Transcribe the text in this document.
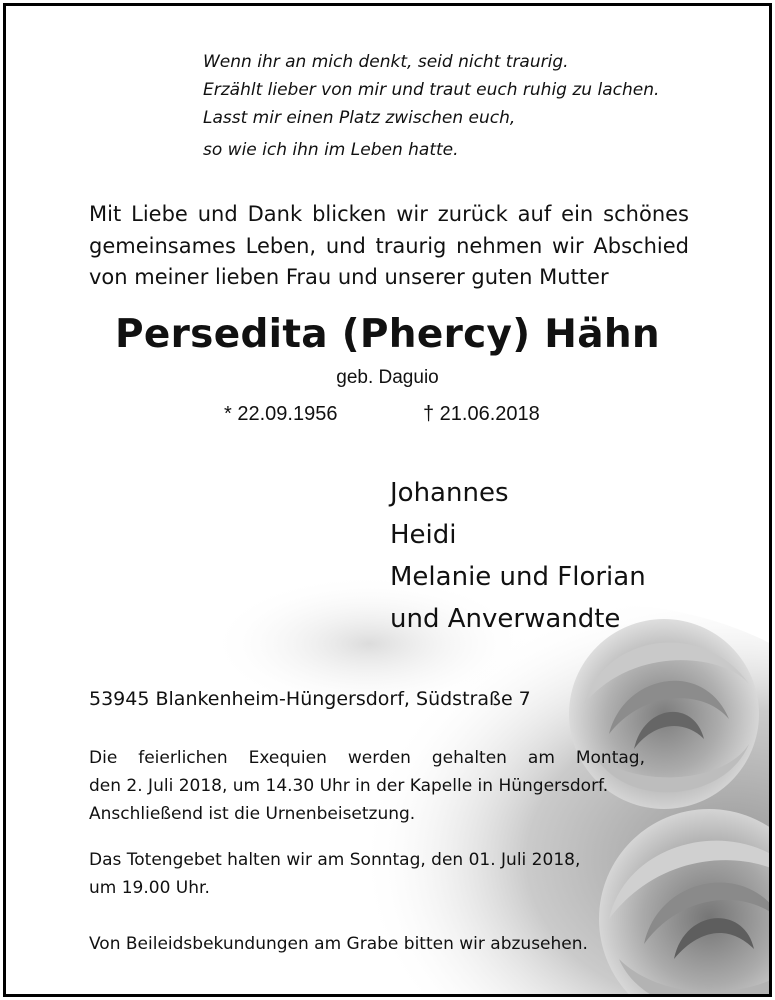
Wenn ihr an mich denkt, seid nicht traurig.
Erzählt lieber von mir und traut euch ruhig zu lachen.
Lasst mir einen Platz zwischen euch,
so wie ich ihn im Leben hatte.
Mit Liebe und Dank blicken wir zurück auf ein schönes
gemeinsames Leben, und traurig nehmen wir Abschied
von meiner lieben Frau und unserer guten Mutter
Persedita (Phercy) Hähn
geb. Daguio
* 22.09.1956	† 21.06.2018
Johannes
Heidi
Melanie und Florian
und Anverwandte
53945 Blankenheim-Hüngersdorf, Südstraße 7
Die feierlichen Exequien werden gehalten am Montag,
den 2. Juli 2018, um 14.30 Uhr in der Kapelle in Hüngersdorf.
Anschließend ist die Urnenbeisetzung.
Das Totengebet halten wir am Sonntag, den 01. Juli 2018,
um 19.00 Uhr.
Von Beileidsbekundungen am Grabe bitten wir abzusehen.
